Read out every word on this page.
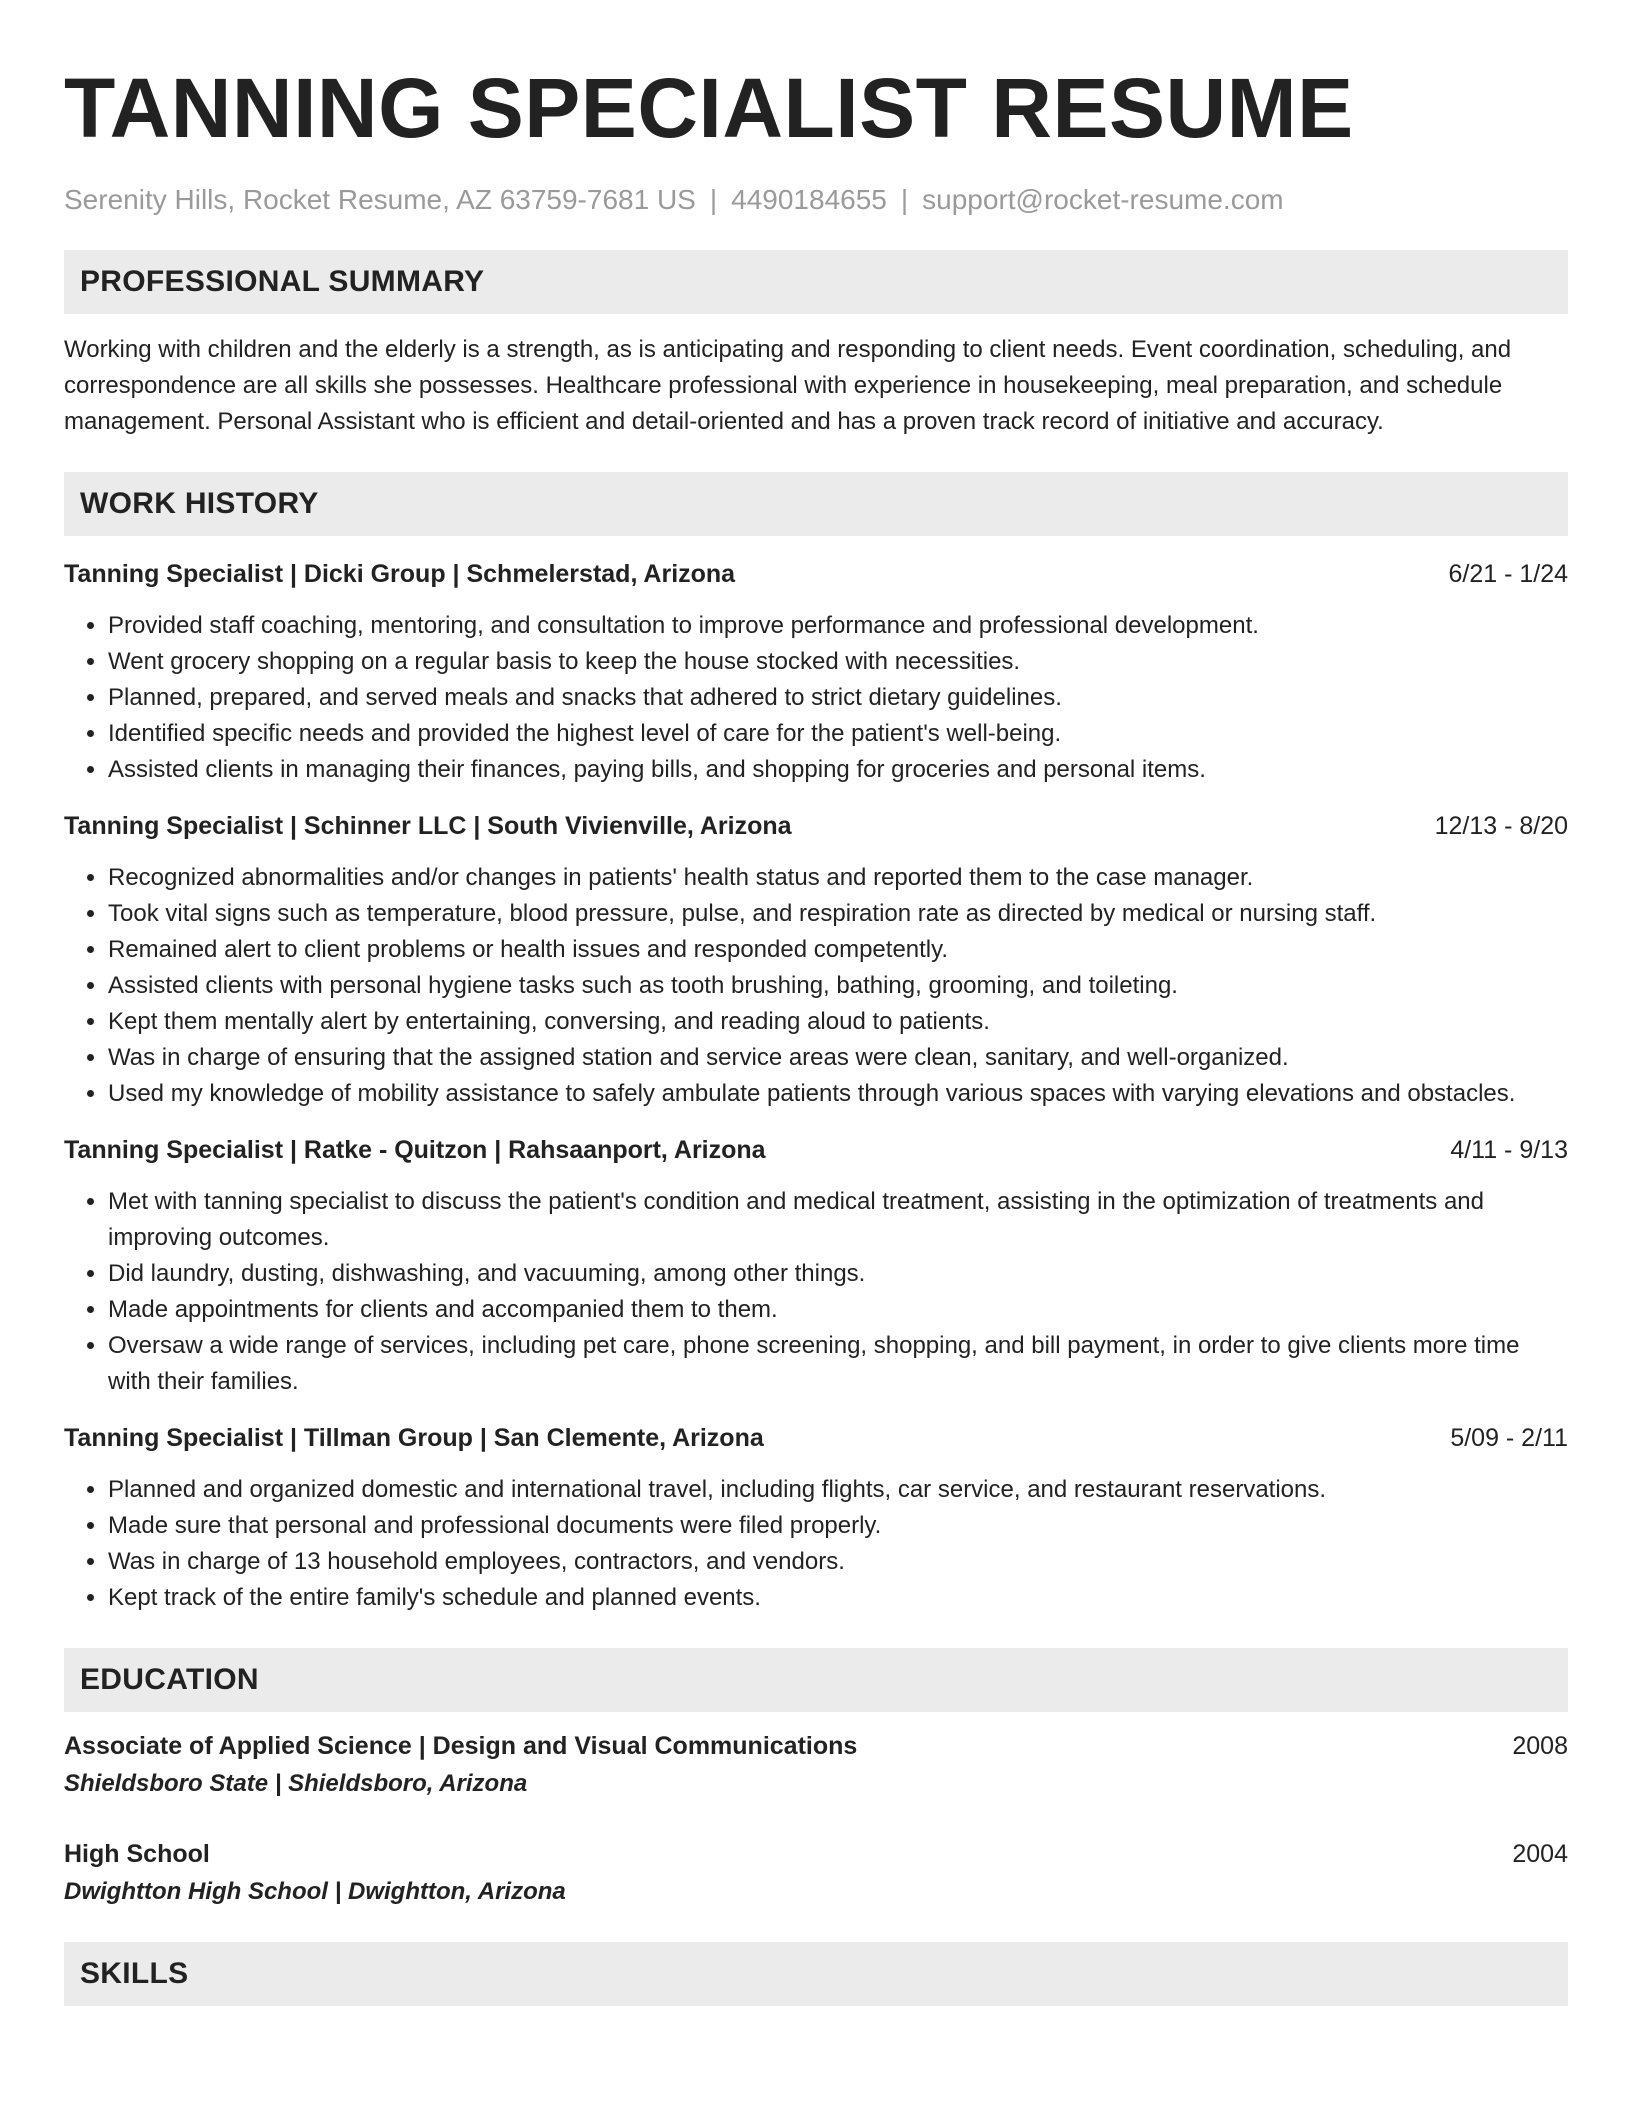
TANNING SPECIALIST RESUME
Serenity Hills, Rocket Resume, AZ 63759-7681 US | 4490184655 | support@rocket-resume.com
PROFESSIONAL SUMMARY

Working with children and the elderly is a strength, as is anticipating and responding to client needs. Event coordination, scheduling, and correspondence are all skills she possesses. Healthcare professional with experience in housekeeping, meal preparation, and schedule management. Personal Assistant who is efficient and detail-oriented and has a proven track record of initiative and accuracy.

WORK HISTORY
Tanning Specialist | Dicki Group | Schmelerstad, Arizona	6/21 - 1/24
• Provided staff coaching, mentoring, and consultation to improve performance and professional development.
• Went grocery shopping on a regular basis to keep the house stocked with necessities.
• Planned, prepared, and served meals and snacks that adhered to strict dietary guidelines.
• Identified specific needs and provided the highest level of care for the patient's well-being.
• Assisted clients in managing their finances, paying bills, and shopping for groceries and personal items.
Tanning Specialist | Schinner LLC | South Vivienville, Arizona	12/13 - 8/20
• Recognized abnormalities and/or changes in patients' health status and reported them to the case manager.
• Took vital signs such as temperature, blood pressure, pulse, and respiration rate as directed by medical or nursing staff.
• Remained alert to client problems or health issues and responded competently.
• Assisted clients with personal hygiene tasks such as tooth brushing, bathing, grooming, and toileting.
• Kept them mentally alert by entertaining, conversing, and reading aloud to patients.
• Was in charge of ensuring that the assigned station and service areas were clean, sanitary, and well-organized.
• Used my knowledge of mobility assistance to safely ambulate patients through various spaces with varying elevations and obstacles.
Tanning Specialist | Ratke - Quitzon | Rahsaanport, Arizona	4/11 - 9/13
• Met with tanning specialist to discuss the patient's condition and medical treatment, assisting in the optimization of treatments and improving outcomes.
• Did laundry, dusting, dishwashing, and vacuuming, among other things.
• Made appointments for clients and accompanied them to them.
• Oversaw a wide range of services, including pet care, phone screening, shopping, and bill payment, in order to give clients more time with their families.
Tanning Specialist | Tillman Group | San Clemente, Arizona	5/09 - 2/11
• Planned and organized domestic and international travel, including flights, car service, and restaurant reservations.
• Made sure that personal and professional documents were filed properly.
• Was in charge of 13 household employees, contractors, and vendors.
• Kept track of the entire family's schedule and planned events.
EDUCATION
Associate of Applied Science | Design and Visual Communications	2008
Shieldsboro State | Shieldsboro, Arizona
High School	2004
Dwightton High School | Dwightton, Arizona
SKILLS
